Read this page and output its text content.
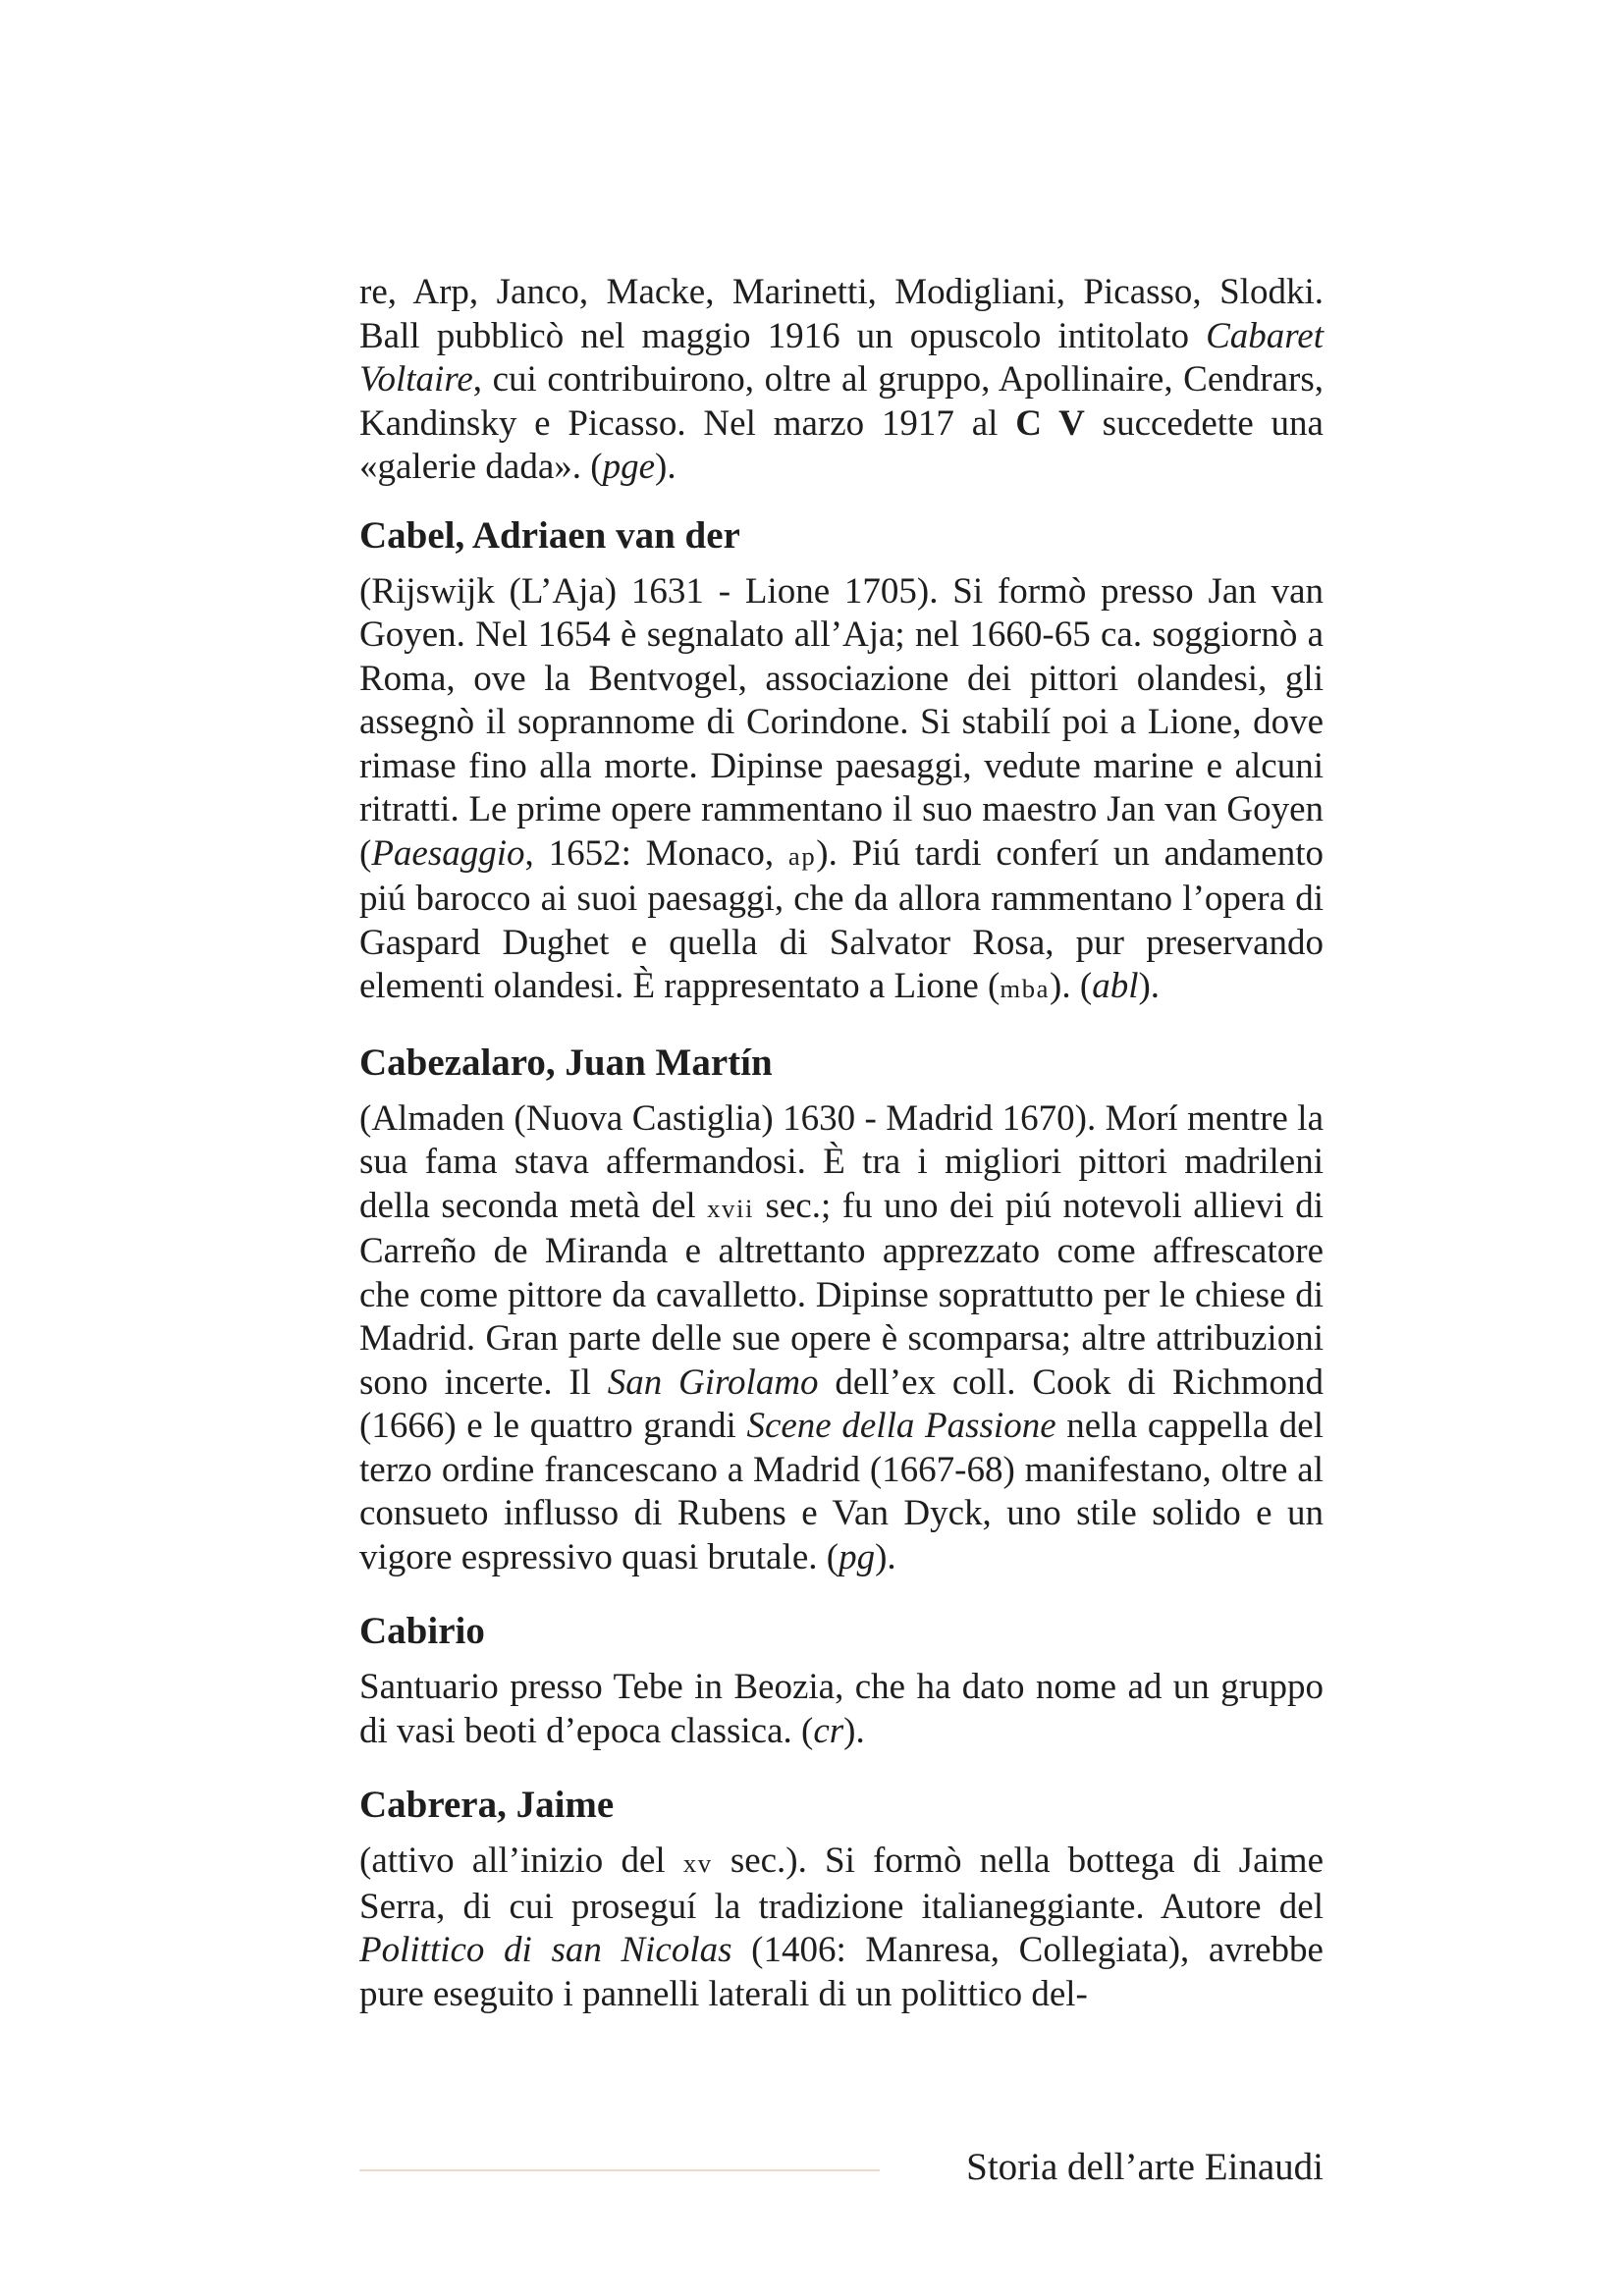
re, Arp, Janco, Macke, Marinetti, Modigliani, Picasso, Slodki. Ball pubblicò nel maggio 1916 un opuscolo intitolato Cabaret Voltaire, cui contribuirono, oltre al gruppo, Apollinaire, Cendrars, Kandinsky e Picasso. Nel marzo 1917 al C V succedette una «galerie dada». (pge).

Cabel, Adriaen van der

(Rijswijk (L’Aja) 1631 - Lione 1705). Si formò presso Jan van Goyen. Nel 1654 è segnalato all’Aja; nel 1660-65 ca. soggiornò a Roma, ove la Bentvogel, associazione dei pittori olandesi, gli assegnò il soprannome di Corindone. Si stabilí poi a Lione, dove rimase fino alla morte. Dipinse paesaggi, vedute marine e alcuni ritratti. Le prime opere rammentano il suo maestro Jan van Goyen (Paesaggio, 1652: Monaco, ap). Piú tardi conferí un andamento piú barocco ai suoi paesaggi, che da allora rammentano l’opera di Gaspard Dughet e quella di Salvator Rosa, pur preservando elementi olandesi. È rappresentato a Lione (mba). (abl).

Cabezalaro, Juan Martín

(Almaden (Nuova Castiglia) 1630 - Madrid 1670). Morí mentre la sua fama stava affermandosi. È tra i migliori pittori madrileni della seconda metà del xvii sec.; fu uno dei piú notevoli allievi di Carreño de Miranda e altrettanto apprezzato come affrescatore che come pittore da cavalletto. Dipinse soprattutto per le chiese di Madrid. Gran parte delle sue opere è scomparsa; altre attribuzioni sono incerte. Il San Girolamo dell’ex coll. Cook di Richmond (1666) e le quattro grandi Scene della Passione nella cappella del terzo ordine francescano a Madrid (1667-68) manifestano, oltre al consueto influsso di Rubens e Van Dyck, uno stile solido e un vigore espressivo quasi brutale. (pg).

Cabirio

Santuario presso Tebe in Beozia, che ha dato nome ad un gruppo di vasi beoti d’epoca classica. (cr).

Cabrera, Jaime

(attivo all’inizio del xv sec.). Si formò nella bottega di Jaime Serra, di cui proseguí la tradizione italianeggiante. Autore del Polittico di san Nicolas (1406: Manresa, Collegiata), avrebbe pure eseguito i pannelli laterali di un polittico del-

Storia dell’arte Einaudi
